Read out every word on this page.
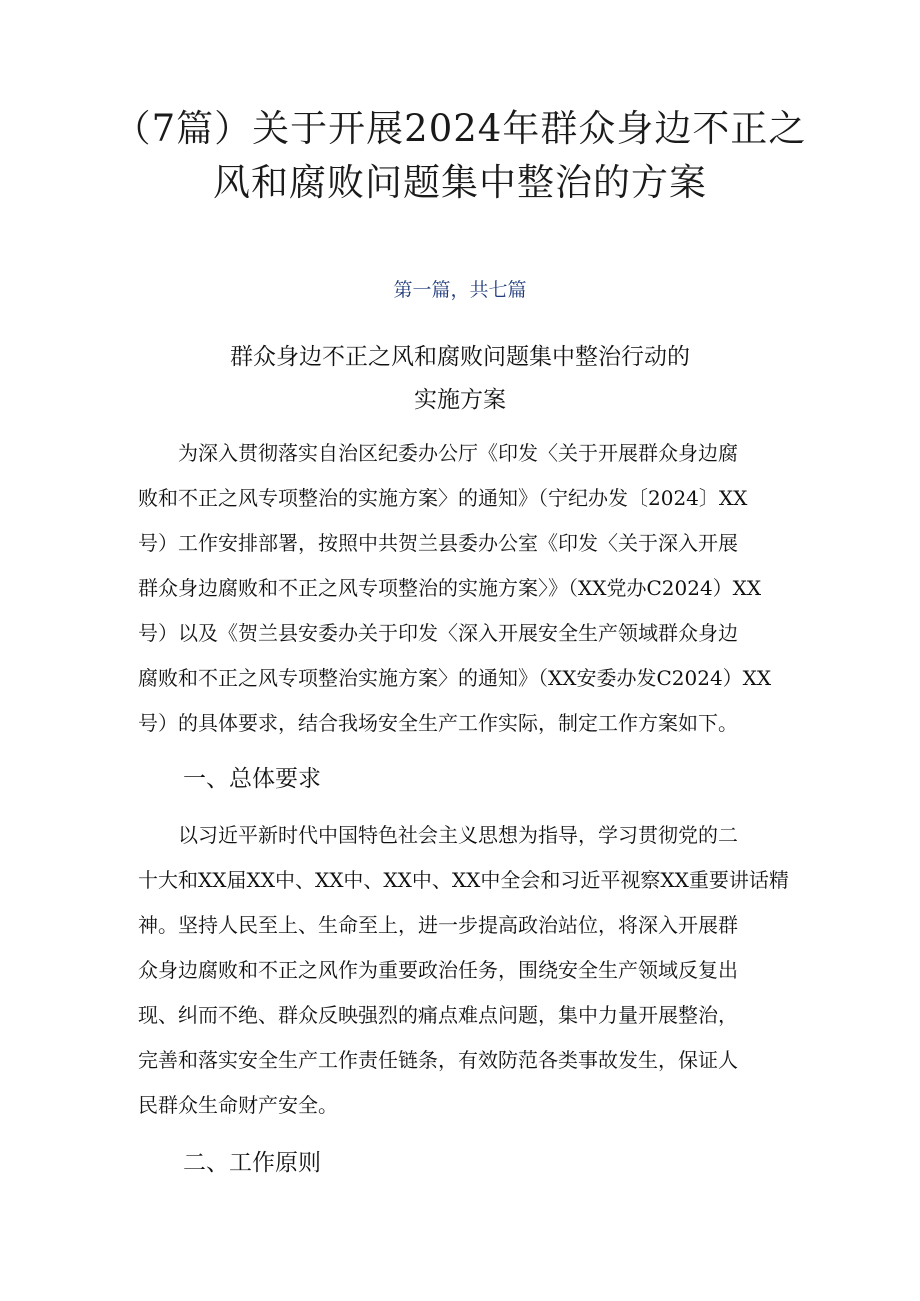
（7篇）关于开展2024年群众身边不正之
风和腐败问题集中整治的方案

第一篇，共七篇

群众身边不正之风和腐败问题集中整治行动的
实施方案
　　为深入贯彻落实自治区纪委办公厅《印发〈关于开展群众身边腐
败和不正之风专项整治的实施方案〉的通知》（宁纪办发〔2024〕XX
号）工作安排部署，按照中共贺兰县委办公室《印发〈关于深入开展
群众身边腐败和不正之风专项整治的实施方案〉》（XX党办C2024）XX
号）以及《贺兰县安委办关于印发〈深入开展安全生产领域群众身边
腐败和不正之风专项整治实施方案〉的通知》（XX安委办发C2024）XX
号）的具体要求，结合我场安全生产工作实际，制定工作方案如下。
一、总体要求
　　以习近平新时代中国特色社会主义思想为指导，学习贯彻党的二
十大和XX届XX中、XX中、XX中、XX中全会和习近平视察XX重要讲话精
神。坚持人民至上、生命至上，进一步提高政治站位，将深入开展群
众身边腐败和不正之风作为重要政治任务，围绕安全生产领域反复出
现、纠而不绝、群众反映强烈的痛点难点问题，集中力量开展整治，
完善和落实安全生产工作责任链条，有效防范各类事故发生，保证人
民群众生命财产安全。
二、工作原则
